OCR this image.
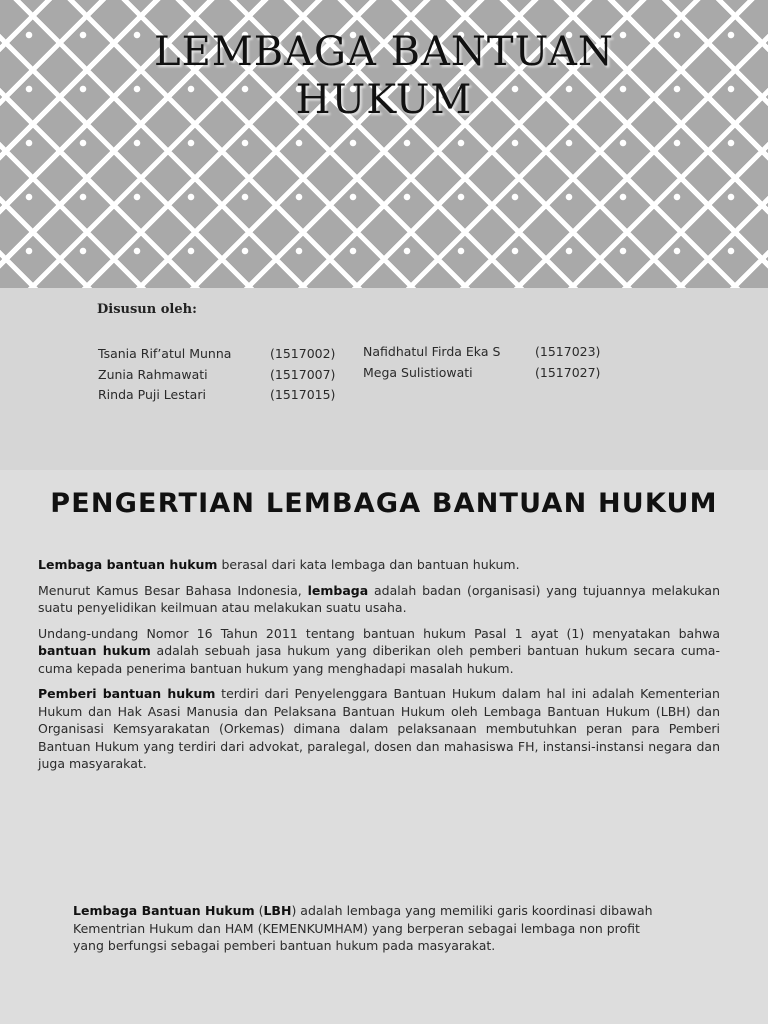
LEMBAGA BANTUAN
HUKUM

Disusun oleh:

Tsania Rif’atul Munna	(1517002)
Zunia Rahmawati	(1517007)
Rinda Puji Lestari	(1517015)
Nafidhatul Firda Eka S	(1517023)
Mega Sulistiowati	(1517027)
PENGERTIAN LEMBAGA BANTUAN HUKUM

Lembaga bantuan hukum berasal dari kata lembaga dan bantuan hukum.

Menurut Kamus Besar Bahasa Indonesia, lembaga adalah badan (organisasi) yang tujuannya melakukan suatu penyelidikan keilmuan atau melakukan suatu usaha.

Undang-undang Nomor 16 Tahun 2011 tentang bantuan hukum Pasal 1 ayat (1) menyatakan bahwa bantuan hukum adalah sebuah jasa hukum yang diberikan oleh pemberi bantuan hukum secara cuma-cuma kepada penerima bantuan hukum yang menghadapi masalah hukum.

Pemberi bantuan hukum terdiri dari Penyelenggara Bantuan Hukum dalam hal ini adalah Kementerian Hukum dan Hak Asasi Manusia dan Pelaksana Bantuan Hukum oleh Lembaga Bantuan Hukum (LBH) dan Organisasi Kemsyarakatan (Orkemas) dimana dalam pelaksanaan membutuhkan peran para Pemberi Bantuan Hukum yang terdiri dari advokat, paralegal, dosen dan mahasiswa FH, instansi-instansi negara dan juga masyarakat.

Lembaga Bantuan Hukum (LBH) adalah lembaga yang memiliki garis koordinasi dibawah Kementrian Hukum dan HAM (KEMENKUMHAM) yang berperan sebagai lembaga non profit yang berfungsi sebagai pemberi bantuan hukum pada masyarakat.
